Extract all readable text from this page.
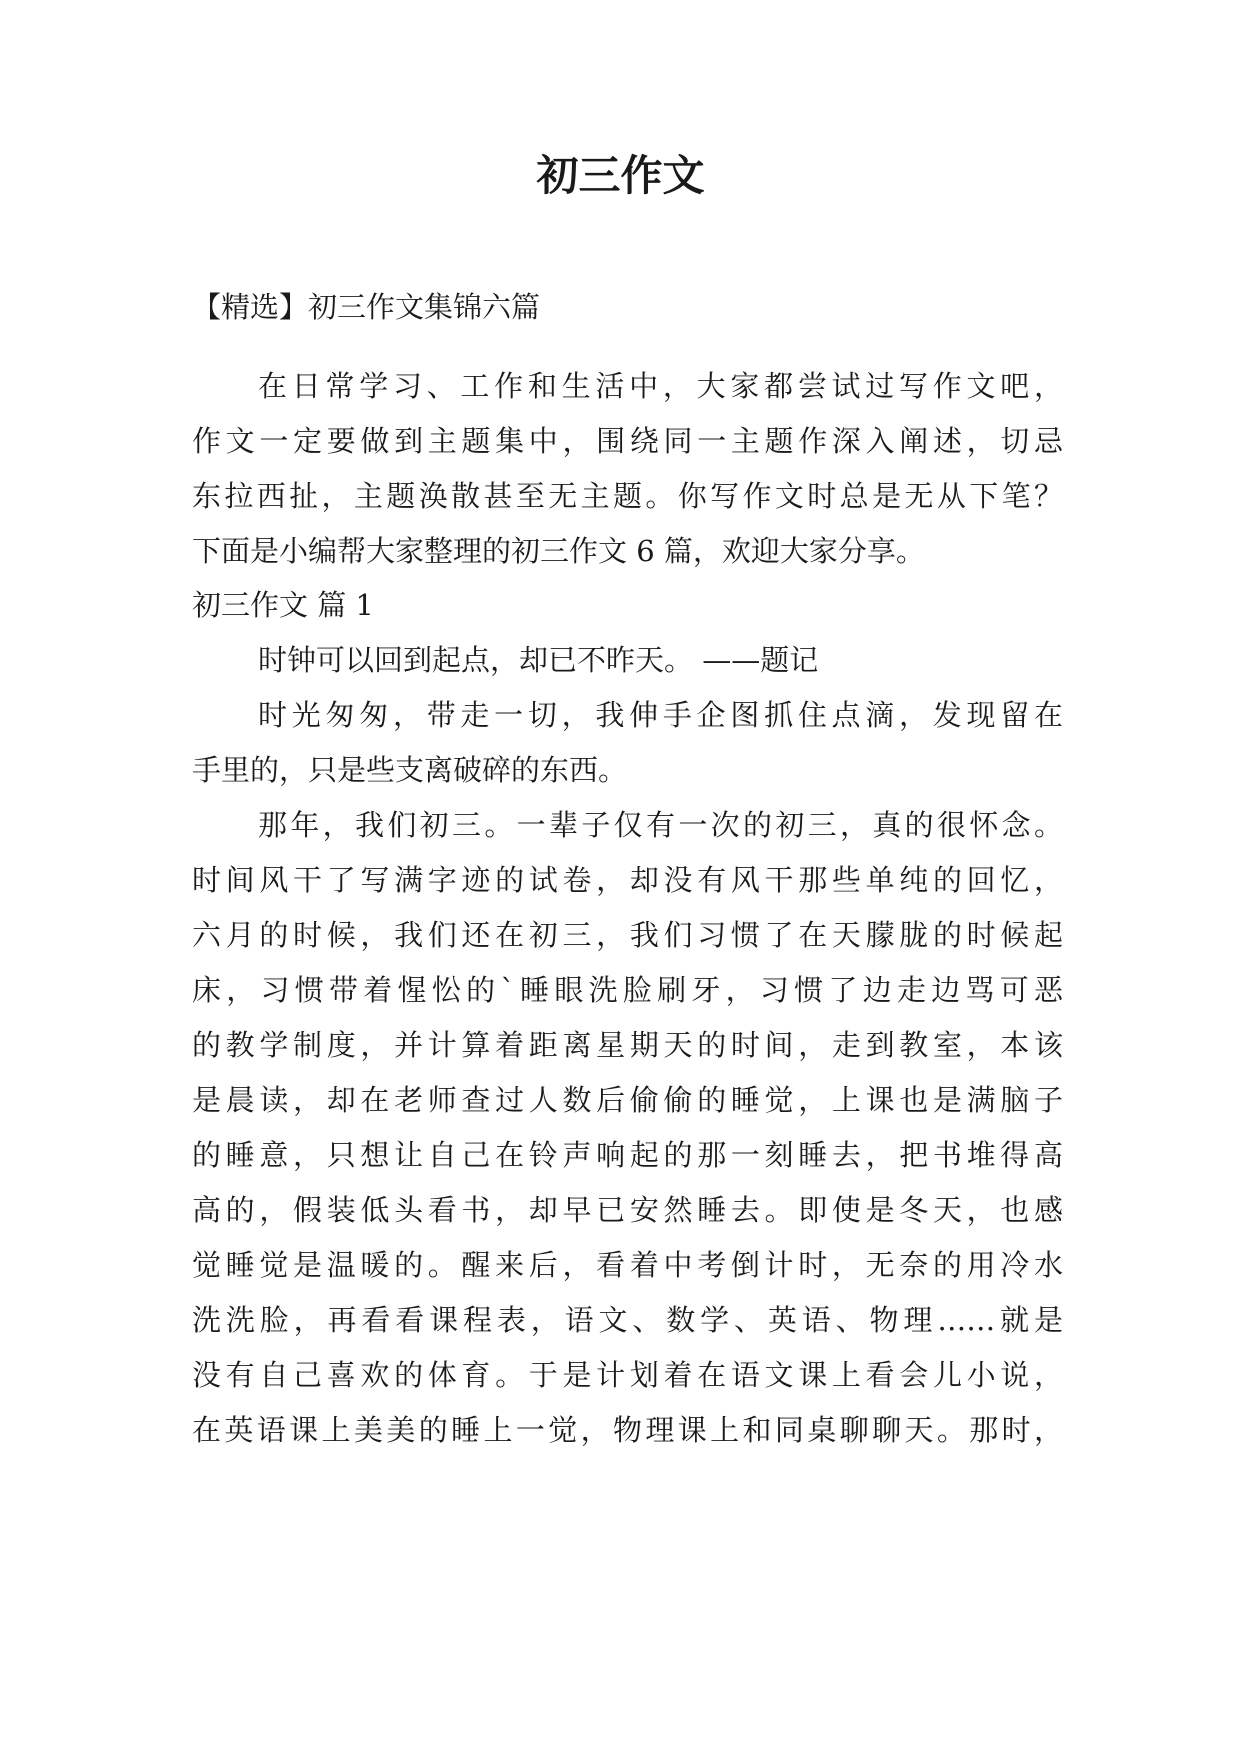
初三作文

【精选】初三作文集锦六篇

在日常学习、工作和生活中，大家都尝试过写作文吧，

作文一定要做到主题集中，围绕同一主题作深入阐述，切忌

东拉西扯，主题涣散甚至无主题。你写作文时总是无从下笔？

下面是小编帮大家整理的初三作文 6 篇，欢迎大家分享。

初三作文 篇 1

时钟可以回到起点，却已不昨天。 ——题记

时光匆匆，带走一切，我伸手企图抓住点滴，发现留在

手里的，只是些支离破碎的东西。

那年，我们初三。一辈子仅有一次的初三，真的很怀念。

时间风干了写满字迹的试卷，却没有风干那些单纯的回忆，

六月的时候，我们还在初三，我们习惯了在天朦胧的时候起

床，习惯带着惺忪的`睡眼洗脸刷牙，习惯了边走边骂可恶

的教学制度，并计算着距离星期天的时间，走到教室，本该

是晨读，却在老师查过人数后偷偷的睡觉，上课也是满脑子

的睡意，只想让自己在铃声响起的那一刻睡去，把书堆得高

高的，假装低头看书，却早已安然睡去。即使是冬天，也感

觉睡觉是温暖的。醒来后，看着中考倒计时，无奈的用冷水

洗洗脸，再看看课程表，语文、数学、英语、物理……就是

没有自己喜欢的体育。于是计划着在语文课上看会儿小说，

在英语课上美美的睡上一觉，物理课上和同桌聊聊天。那时，
